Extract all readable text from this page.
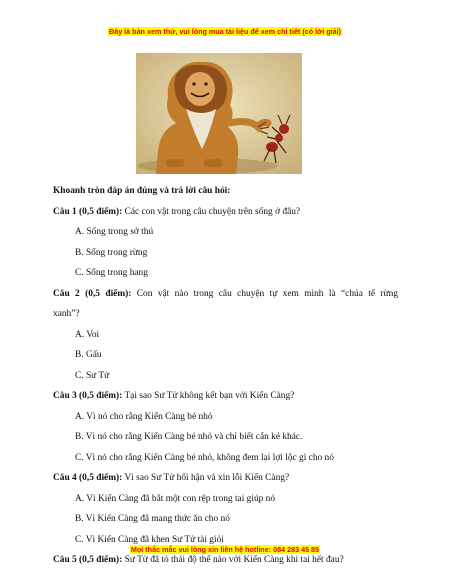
Đây là bản xem thử, vui lòng mua tài liệu để xem chi tiết (có lời giải)
Khoanh tròn đáp án đúng và trả lời câu hỏi:
Câu 1 (0,5 điểm): Các con vật trong câu chuyện trên sống ở đâu?
A. Sống trong sở thú
B. Sống trong rừng
C. Sống trong hang
Câu 2 (0,5 điểm): Con vật nào trong câu chuyện tự xem mình là “chúa tể rừng
xanh”?
A. Voi
B. Gấu
C. Sư Tử
Câu 3 (0,5 điểm): Tại sao Sư Tử không kết bạn với Kiến Càng?
A. Vì nó cho rằng Kiến Càng bé nhỏ
B. Vì nó cho rằng Kiến Càng bé nhỏ và chỉ biết cắn kẻ khác.
C. Vì nó cho rằng Kiến Càng bé nhỏ, không đem lại lợi lộc gì cho nó
Câu 4 (0,5 điểm): Vì sao Sư Tử hối hận và xin lỗi Kiến Càng?
A. Vì Kiến Càng đã bắt một con rệp trong tai giúp nó
B. Vì Kiến Càng đã mang thức ăn cho nó
C. Vì Kiến Càng đã khen Sư Tử tài giỏi
Câu 5 (0,5 điểm): Sư Tử đã tỏ thái độ thế nào với Kiến Càng khi tai hết đau?
Mọi thắc mắc vui lòng xin liên hệ hotline: 084 283 45 85
